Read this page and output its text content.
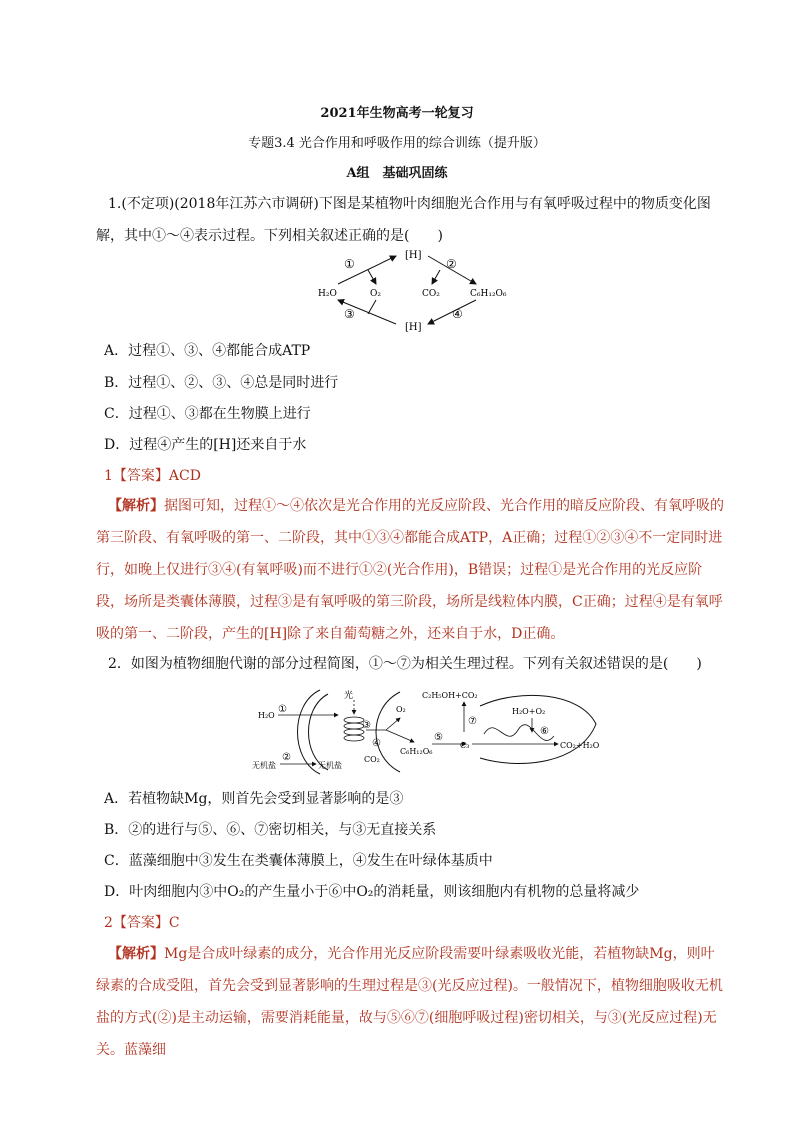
2021年生物高考一轮复习
专题3.4 光合作用和呼吸作用的综合训练（提升版）
A组　基础巩固练
1.(不定项)(2018年江苏六市调研)下图是某植物叶肉细胞光合作用与有氧呼吸过程中的物质变化图解，其中①～④表示过程。下列相关叙述正确的是(　　)
[H]
[H]
H₂O	O₂	CO₂	C₆H₁₂O₆
①	②
③	④
A．过程①、③、④都能合成ATP
B．过程①、②、③、④总是同时进行
C．过程①、③都在生物膜上进行
D．过程④产生的[H]还来自于水
1【答案】ACD
【解析】据图可知，过程①～④依次是光合作用的光反应阶段、光合作用的暗反应阶段、有氧呼吸的第三阶段、有氧呼吸的第一、二阶段，其中①③④都能合成ATP，A正确；过程①②③④不一定同时进行，如晚上仅进行③④(有氧呼吸)而不进行①②(光合作用)，B错误；过程①是光合作用的光反应阶段，场所是类囊体薄膜，过程③是有氧呼吸的第三阶段，场所是线粒体内膜，C正确；过程④是有氧呼吸的第一、二阶段，产生的[H]除了来自葡萄糖之外，还来自于水，D正确。
2．如图为植物细胞代谢的部分过程简图，①～⑦为相关生理过程。下列有关叙述错误的是(　　)
光
H₂O
①
无机盐
②
无机盐
③
O₂
④
CO₂
C₆H₁₂O₆
⑤
C₃
⑦
C₂H₅OH+CO₂
H₂O+O₂
⑥
CO₂+H₂O
A．若植物缺Mg，则首先会受到显著影响的是③
B．②的进行与⑤、⑥、⑦密切相关，与③无直接关系
C．蓝藻细胞中③发生在类囊体薄膜上，④发生在叶绿体基质中
D．叶肉细胞内③中O₂的产生量小于⑥中O₂的消耗量，则该细胞内有机物的总量将减少
2【答案】C
【解析】Mg是合成叶绿素的成分，光合作用光反应阶段需要叶绿素吸收光能，若植物缺Mg，则叶绿素的合成受阻，首先会受到显著影响的生理过程是③(光反应过程)。一般情况下，植物细胞吸收无机盐的方式(②)是主动运输，需要消耗能量，故与⑤⑥⑦(细胞呼吸过程)密切相关，与③(光反应过程)无关。蓝藻细
